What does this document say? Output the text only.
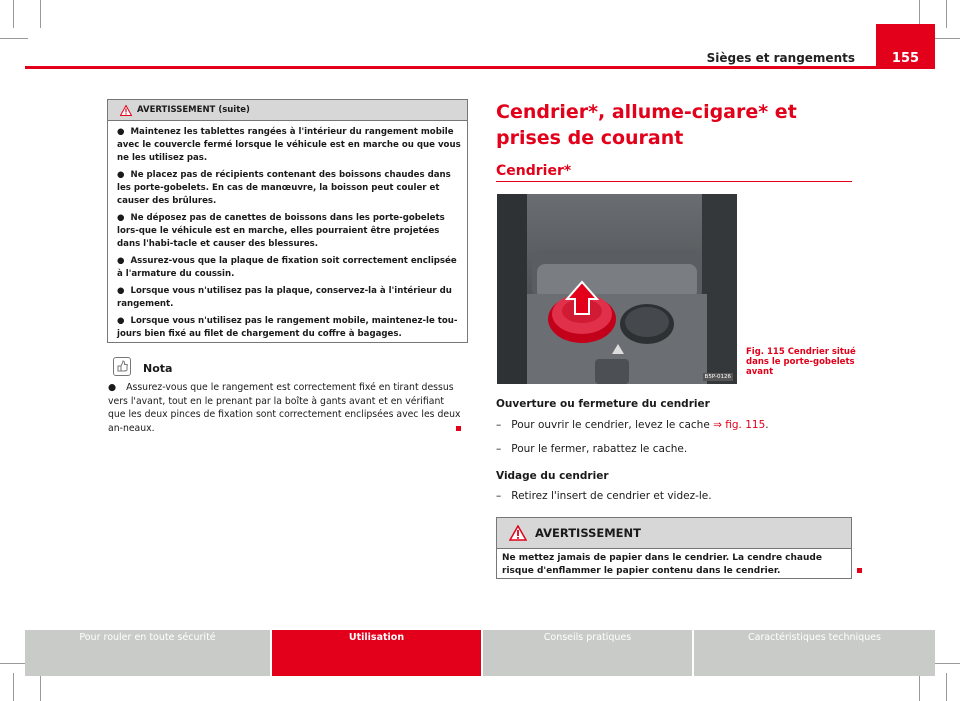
Sièges et rangements	155
AVERTISSEMENT (suite)
● Maintenez les tablettes rangées à l'intérieur du rangement mobile avec le couvercle fermé lorsque le véhicule est en marche ou que vous ne les utilisez pas.
● Ne placez pas de récipients contenant des boissons chaudes dans les porte-gobelets. En cas de manœuvre, la boisson peut couler et causer des brûlures.
● Ne déposez pas de canettes de boissons dans les porte-gobelets lors-que le véhicule est en marche, elles pourraient être projetées dans l'habi-tacle et causer des blessures.
● Assurez-vous que la plaque de fixation soit correctement enclipsée à l'armature du coussin.
● Lorsque vous n'utilisez pas la plaque, conservez-la à l'intérieur du rangement.
● Lorsque vous n'utilisez pas le rangement mobile, maintenez-le tou-jours bien fixé au filet de chargement du coffre à bagages.
Nota
● Assurez-vous que le rangement est correctement fixé en tirant dessus vers l'avant, tout en le prenant par la boîte à gants avant et en vérifiant que les deux pinces de fixation sont correctement enclipsées avec les deux an-neaux.
Cendrier*, allume-cigare* et prises de courant
Cendrier*
B5P-0126
Fig. 115 Cendrier situé dans le porte-gobelets avant
Ouverture ou fermeture du cendrier
– Pour ouvrir le cendrier, levez le cache ⇒ fig. 115.
– Pour le fermer, rabattez le cache.
Vidage du cendrier
– Retirez l'insert de cendrier et videz-le.
AVERTISSEMENT
Ne mettez jamais de papier dans le cendrier. La cendre chaude risque d'enflammer le papier contenu dans le cendrier.
Pour rouler en toute sécurité	Utilisation	Conseils pratiques	Caractéristiques techniques
